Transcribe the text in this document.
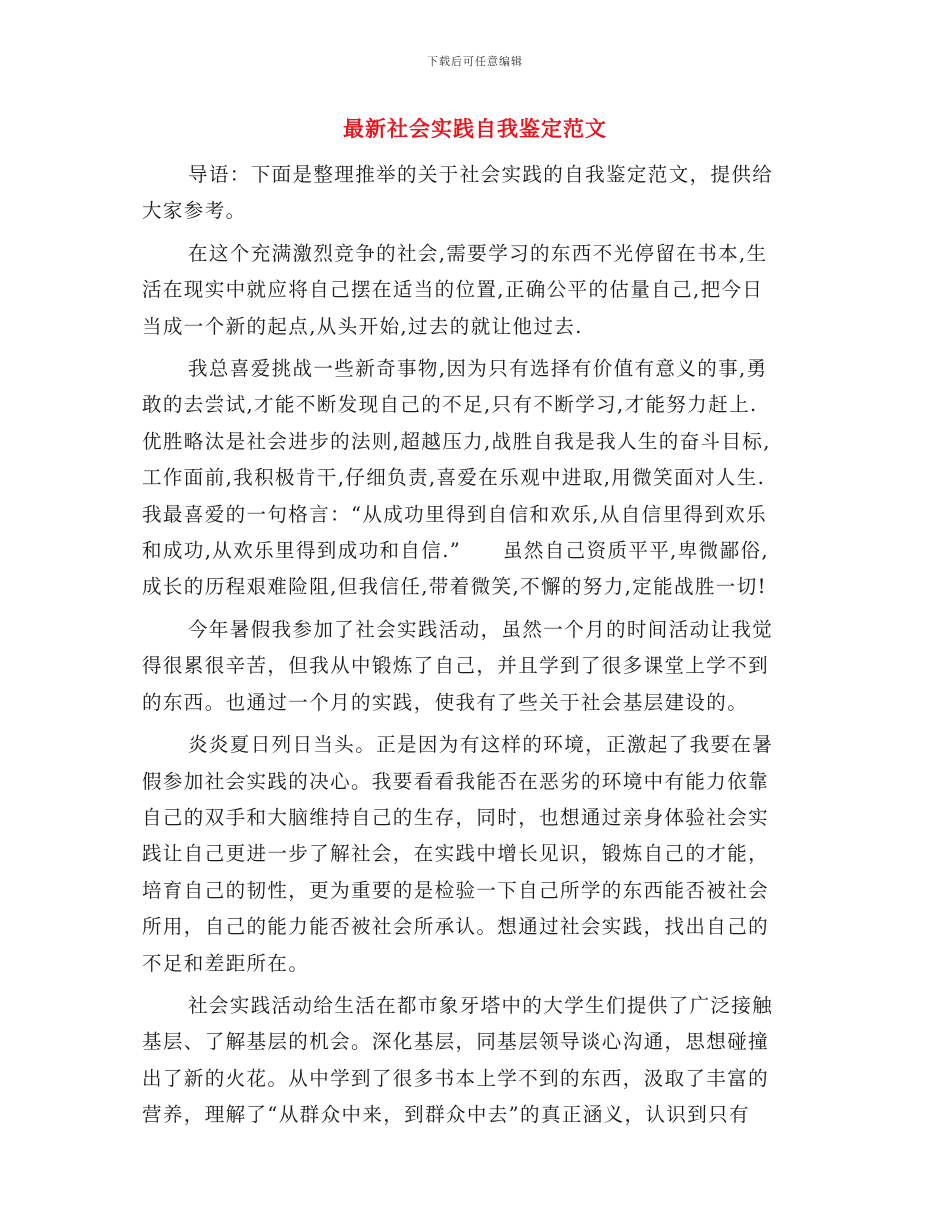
下载后可任意编辑
最新社会实践自我鉴定范文
导语：下面是整理推举的关于社会实践的自我鉴定范文，提供给
大家参考。
在这个充满激烈竞争的社会,需要学习的东西不光停留在书本,生
活在现实中就应将自己摆在适当的位置,正确公平的估量自己,把今日
当成一个新的起点,从头开始,过去的就让他过去.
我总喜爱挑战一些新奇事物,因为只有选择有价值有意义的事,勇
敢的去尝试,才能不断发现自己的不足,只有不断学习,才能努力赶上.
优胜略汰是社会进步的法则,超越压力,战胜自我是我人生的奋斗目标,
工作面前,我积极肯干,仔细负责,喜爱在乐观中进取,用微笑面对人生.
我最喜爱的一句格言：“从成功里得到自信和欢乐,从自信里得到欢乐
和成功,从欢乐里得到成功和自信.”　　虽然自己资质平平,卑微鄙俗,
成长的历程艰难险阻,但我信任,带着微笑,不懈的努力,定能战胜一切!
今年暑假我参加了社会实践活动，虽然一个月的时间活动让我觉
得很累很辛苦，但我从中锻炼了自己，并且学到了很多课堂上学不到
的东西。也通过一个月的实践，使我有了些关于社会基层建设的。
炎炎夏日列日当头。正是因为有这样的环境，正激起了我要在暑
假参加社会实践的决心。我要看看我能否在恶劣的环境中有能力依靠
自己的双手和大脑维持自己的生存，同时，也想通过亲身体验社会实
践让自己更进一步了解社会，在实践中增长见识，锻炼自己的才能，
培育自己的韧性，更为重要的是检验一下自己所学的东西能否被社会
所用，自己的能力能否被社会所承认。想通过社会实践，找出自己的
不足和差距所在。
社会实践活动给生活在都市象牙塔中的大学生们提供了广泛接触
基层、了解基层的机会。深化基层，同基层领导谈心沟通，思想碰撞
出了新的火花。从中学到了很多书本上学不到的东西，汲取了丰富的
营养，理解了“从群众中来，到群众中去”的真正涵义，认识到只有
